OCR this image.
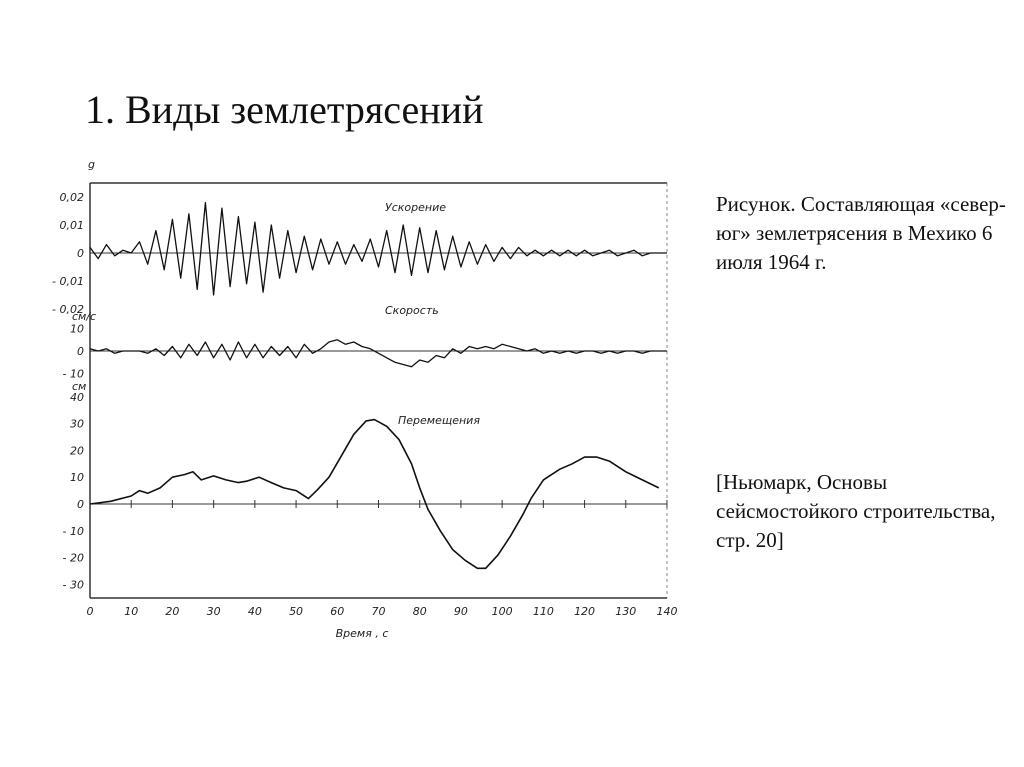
1. Виды землетрясений
Рисунок. Составляющая «север-юг» землетрясения в Мехико 6 июля 1964 г.
[Ньюмарк, Основы сейсмостойкого строительства, стр. 20]
0,02
0,01
0
- 0,01
- 0,02
g
Ускорение
10
0
- 10
см/с	Скорость
40
30
20
10
0
- 10
- 20
- 30
см
Перемещения
0	10 20 30 40 50 60 70 80 90 100 110 120 130 140
Время , с
